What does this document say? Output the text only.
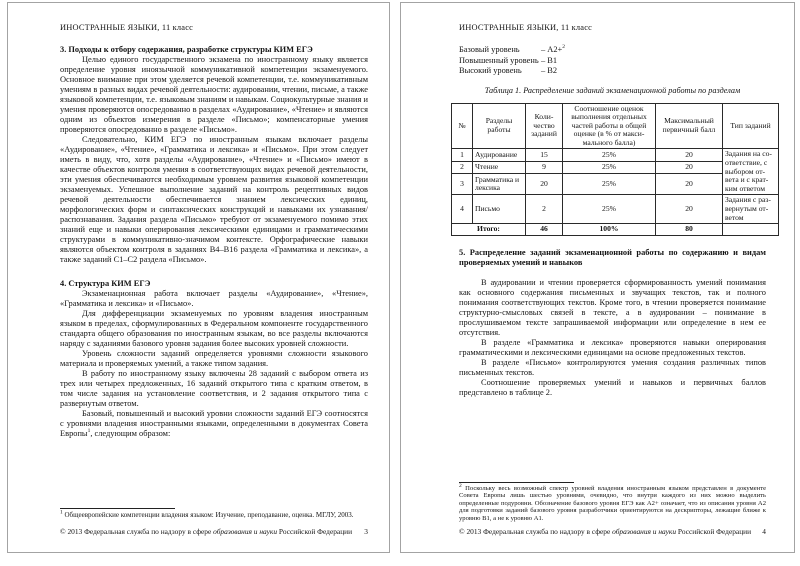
ИНОСТРАННЫЕ ЯЗЫКИ, 11 класс
3. Подходы к отбору содержания, разработке структуры КИМ ЕГЭ

Целью единого государственного экзамена по иностранному языку является определение уровня иноязычной коммуникативной компетенции экзаменуемого. Основное внимание при этом уделяется речевой компетенции, т.е. коммуникативным умениям в разных видах речевой деятельности: аудировании, чтении, письме, а также языковой компетенции, т.е. языковым знаниям и навыкам. Социокультурные знания и умения проверяются опосредованно в разделах «Аудирование», «Чтение» и являются одним из объектов измерения в разделе «Письмо»; компенсаторные умения проверяются опосредованно в разделе «Письмо».

Следовательно, КИМ ЕГЭ по иностранным языкам включает разделы «Аудирование», «Чтение», «Грамматика и лексика» и «Письмо». При этом следует иметь в виду, что, хотя разделы «Аудирование», «Чтение» и «Письмо» имеют в качестве объектов контроля умения в соответствующих видах речевой деятельности, эти умения обеспечиваются необходимым уровнем развития языковой компетенции экзаменуемых. Успешное выполнение заданий на контроль рецептивных видов речевой деятельности обеспечивается знанием лексических единиц, морфологических форм и синтаксических конструкций и навыками их узнавания/распознавания. Задания раздела «Письмо» требуют от экзаменуемого помимо этих знаний еще и навыки оперирования лексическими единицами и грамматическими структурами в коммуникативно-значимом контексте. Орфографические навыки являются объектом контроля в заданиях В4–В16 раздела «Грамматика и лексика», а также заданий С1–С2 раздела «Письмо».

4. Структура КИМ ЕГЭ

Экзаменационная работа включает разделы «Аудирование», «Чтение», «Грамматика и лексика» и «Письмо».

Для дифференциации экзаменуемых по уровням владения иностранным языком в пределах, сформулированных в Федеральном компоненте государственного стандарта общего образования по иностранным языкам, во все разделы включаются наряду с заданиями базового уровня задания более высоких уровней сложности.

Уровень сложности заданий определяется уровнями сложности языкового материала и проверяемых умений, а также типом задания.

В работу по иностранному языку включены 28 заданий с выбором ответа из трех или четырех предложенных, 16 заданий открытого типа с кратким ответом, в том числе задания на установление соответствия, и 2 задания открытого типа с развернутым ответом.

Базовый, повышенный и высокий уровни сложности заданий ЕГЭ соотносятся с уровнями владения иностранными языками, определенными в документах Совета Европы$^1$, следующим образом:

$^1$ Общеевропейские компетенции владения языком: Изучение, преподавание, оценка. МГЛУ, 2003.
© 2013 Федеральная служба по надзору в сфере образования и науки Российской Федерации 3
ИНОСТРАННЫЕ ЯЗЫКИ, 11 класс
Базовый уровень	– А2+$^2$
Повышенный уровень – В1
Высокий уровень	– В2
Таблица 1. Распределение заданий экзаменационной работы по разделам
№	Разделы работы	Коли-чество заданий	Соотношение оценок выполнения отдельных частей работы в общей оценке (в % от макси-мального балла)	Максимальный первичный балл	Тип заданий
1	Аудирование	15	25%	20	Задания на со-ответствие, с выбором от-вета и с крат-ким ответом
2	Чтение	9	25%	20	
3	Грамматика и лексика	20	25%	20	
4	Письмо	2	25%	20	Задания с раз-вернутым от-ветом
Итого:		46	100%	80	
5. Распределение заданий экзаменационной работы по содержанию и видам проверяемых умений и навыков

В аудировании и чтении проверяется сформированность умений понимания как основного содержания письменных и звучащих текстов, так и полного понимания соответствующих текстов. Кроме того, в чтении проверяется понимание структурно-смысловых связей в тексте, а в аудировании – понимание в прослушиваемом тексте запрашиваемой информации или определение в нем ее отсутствия.

В разделе «Грамматика и лексика» проверяются навыки оперирования грамматическими и лексическими единицами на основе предложенных текстов.

В разделе «Письмо» контролируются умения создания различных типов письменных текстов.

Соотношение проверяемых умений и навыков и первичных баллов представлено в таблице 2.

$^2$ Поскольку весь возможный спектр уровней владения иностранным языком представлен в документе Совета Европы лишь шестью уровнями, очевидно, что внутри каждого из них можно выделить определенные подуровни. Обозначение базового уровня ЕГЭ как А2+ означает, что из описания уровня А2 для подготовки заданий базового уровня разработчики ориентируются на дескрипторы, лежащие ближе к уровню В1, а не к уровню А1.
© 2013 Федеральная служба по надзору в сфере образования и науки Российской Федерации 4
